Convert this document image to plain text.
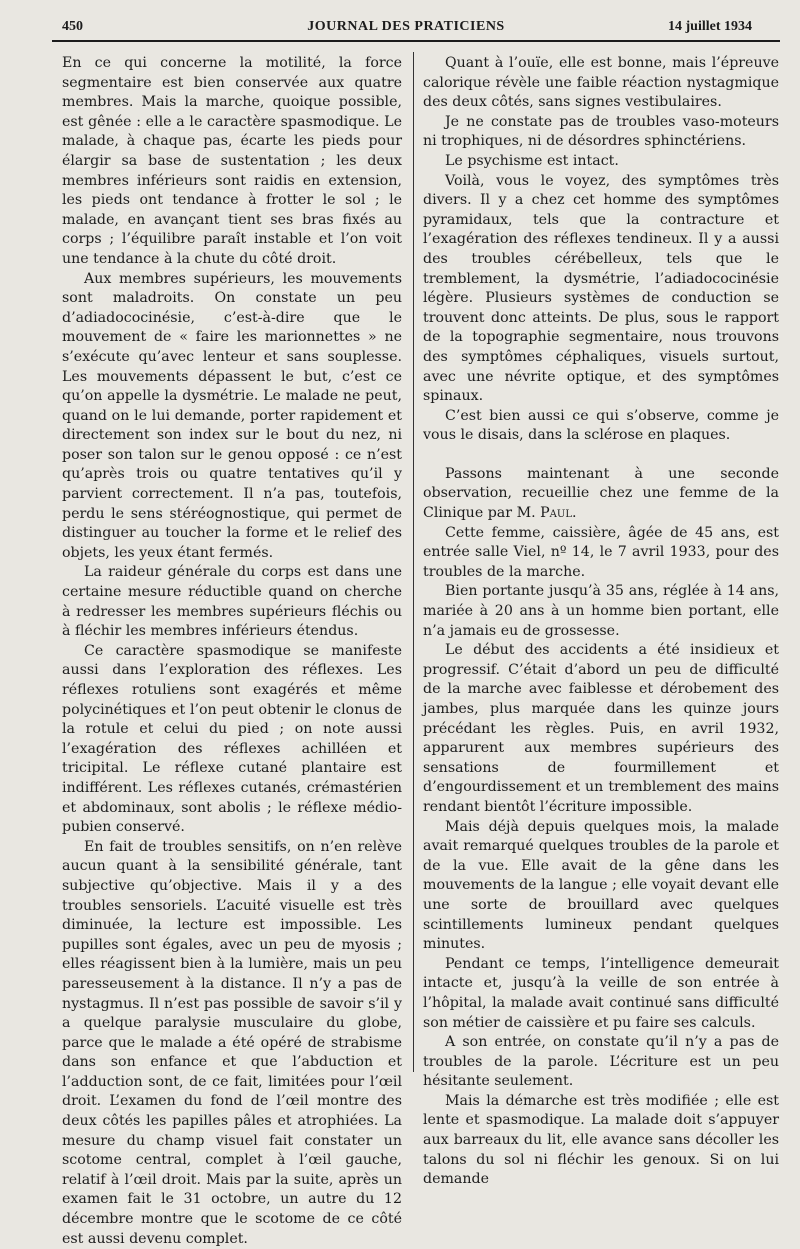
450	JOURNAL DES PRATICIENS	14 juillet 1934

En ce qui concerne la motilité, la force segmentaire est bien conservée aux quatre membres. Mais la marche, quoique possible, est gênée : elle a le caractère spasmodique. Le malade, à chaque pas, écarte les pieds pour élargir sa base de sustentation ; les deux membres inférieurs sont raidis en extension, les pieds ont tendance à frotter le sol ; le malade, en avançant tient ses bras fixés au corps ; l’équilibre paraît instable et l’on voit une tendance à la chute du côté droit.

Aux membres supérieurs, les mouvements sont maladroits. On constate un peu d’adiadococinésie, c’est-à-dire que le mouvement de « faire les marionnettes » ne s’exécute qu’avec lenteur et sans souplesse. Les mouvements dépassent le but, c’est ce qu’on appelle la dysmétrie. Le malade ne peut, quand on le lui demande, porter rapidement et directement son index sur le bout du nez, ni poser son talon sur le genou opposé : ce n’est qu’après trois ou quatre tentatives qu’il y parvient correctement. Il n’a pas, toutefois, perdu le sens stéréognostique, qui permet de distinguer au toucher la forme et le relief des objets, les yeux étant fermés.

La raideur générale du corps est dans une certaine mesure réductible quand on cherche à redresser les membres supérieurs fléchis ou à fléchir les membres inférieurs étendus.

Ce caractère spasmodique se manifeste aussi dans l’exploration des réflexes. Les réflexes rotuliens sont exagérés et même polycinétiques et l’on peut obtenir le clonus de la rotule et celui du pied ; on note aussi l’exagération des réflexes achilléen et tricipital. Le réflexe cutané plantaire est indifférent. Les réflexes cutanés, crémastérien et abdominaux, sont abolis ; le réflexe médio-pubien conservé.

En fait de troubles sensitifs, on n’en relève aucun quant à la sensibilité générale, tant subjective qu’objective. Mais il y a des troubles sensoriels. L’acuité visuelle est très diminuée, la lecture est impossible. Les pupilles sont égales, avec un peu de myosis ; elles réagissent bien à la lumière, mais un peu paresseusement à la distance. Il n’y a pas de nystagmus. Il n’est pas possible de savoir s’il y a quelque paralysie musculaire du globe, parce que le malade a été opéré de strabisme dans son enfance et que l’abduction et l’adduction sont, de ce fait, limitées pour l’œil droit. L’examen du fond de l’œil montre des deux côtés les papilles pâles et atrophiées. La mesure du champ visuel fait constater un scotome central, complet à l’œil gauche, relatif à l’œil droit. Mais par la suite, après un examen fait le 31 octobre, un autre du 12 décembre montre que le scotome de ce côté est aussi devenu complet.

Quant à l’ouïe, elle est bonne, mais l’épreuve calorique révèle une faible réaction nystagmique des deux côtés, sans signes vestibulaires.

Je ne constate pas de troubles vaso-moteurs ni trophiques, ni de désordres sphinctériens.

Le psychisme est intact.

Voilà, vous le voyez, des symptômes très divers. Il y a chez cet homme des symptômes pyramidaux, tels que la contracture et l’exagération des réflexes tendineux. Il y a aussi des troubles cérébelleux, tels que le tremblement, la dysmétrie, l’adiadococinésie légère. Plusieurs systèmes de conduction se trouvent donc atteints. De plus, sous le rapport de la topographie segmentaire, nous trouvons des symptômes céphaliques, visuels surtout, avec une névrite optique, et des symptômes spinaux.

C’est bien aussi ce qui s’observe, comme je vous le disais, dans la sclérose en plaques.

Passons maintenant à une seconde observation, recueillie chez une femme de la Clinique par M. Paul.

Cette femme, caissière, âgée de 45 ans, est entrée salle Viel, nº 14, le 7 avril 1933, pour des troubles de la marche.

Bien portante jusqu’à 35 ans, réglée à 14 ans, mariée à 20 ans à un homme bien portant, elle n’a jamais eu de grossesse.

Le début des accidents a été insidieux et progressif. C’était d’abord un peu de difficulté de la marche avec faiblesse et dérobement des jambes, plus marquée dans les quinze jours précédant les règles. Puis, en avril 1932, apparurent aux membres supérieurs des sensations de fourmillement et d’engourdissement et un tremblement des mains rendant bientôt l’écriture impossible.

Mais déjà depuis quelques mois, la malade avait remarqué quelques troubles de la parole et de la vue. Elle avait de la gêne dans les mouvements de la langue ; elle voyait devant elle une sorte de brouillard avec quelques scintillements lumineux pendant quelques minutes.

Pendant ce temps, l’intelligence demeurait intacte et, jusqu’à la veille de son entrée à l’hôpital, la malade avait continué sans difficulté son métier de caissière et pu faire ses calculs.

A son entrée, on constate qu’il n’y a pas de troubles de la parole. L’écriture est un peu hésitante seulement.

Mais la démarche est très modifiée ; elle est lente et spasmodique. La malade doit s’appuyer aux barreaux du lit, elle avance sans décoller les talons du sol ni fléchir les genoux. Si on lui demande
